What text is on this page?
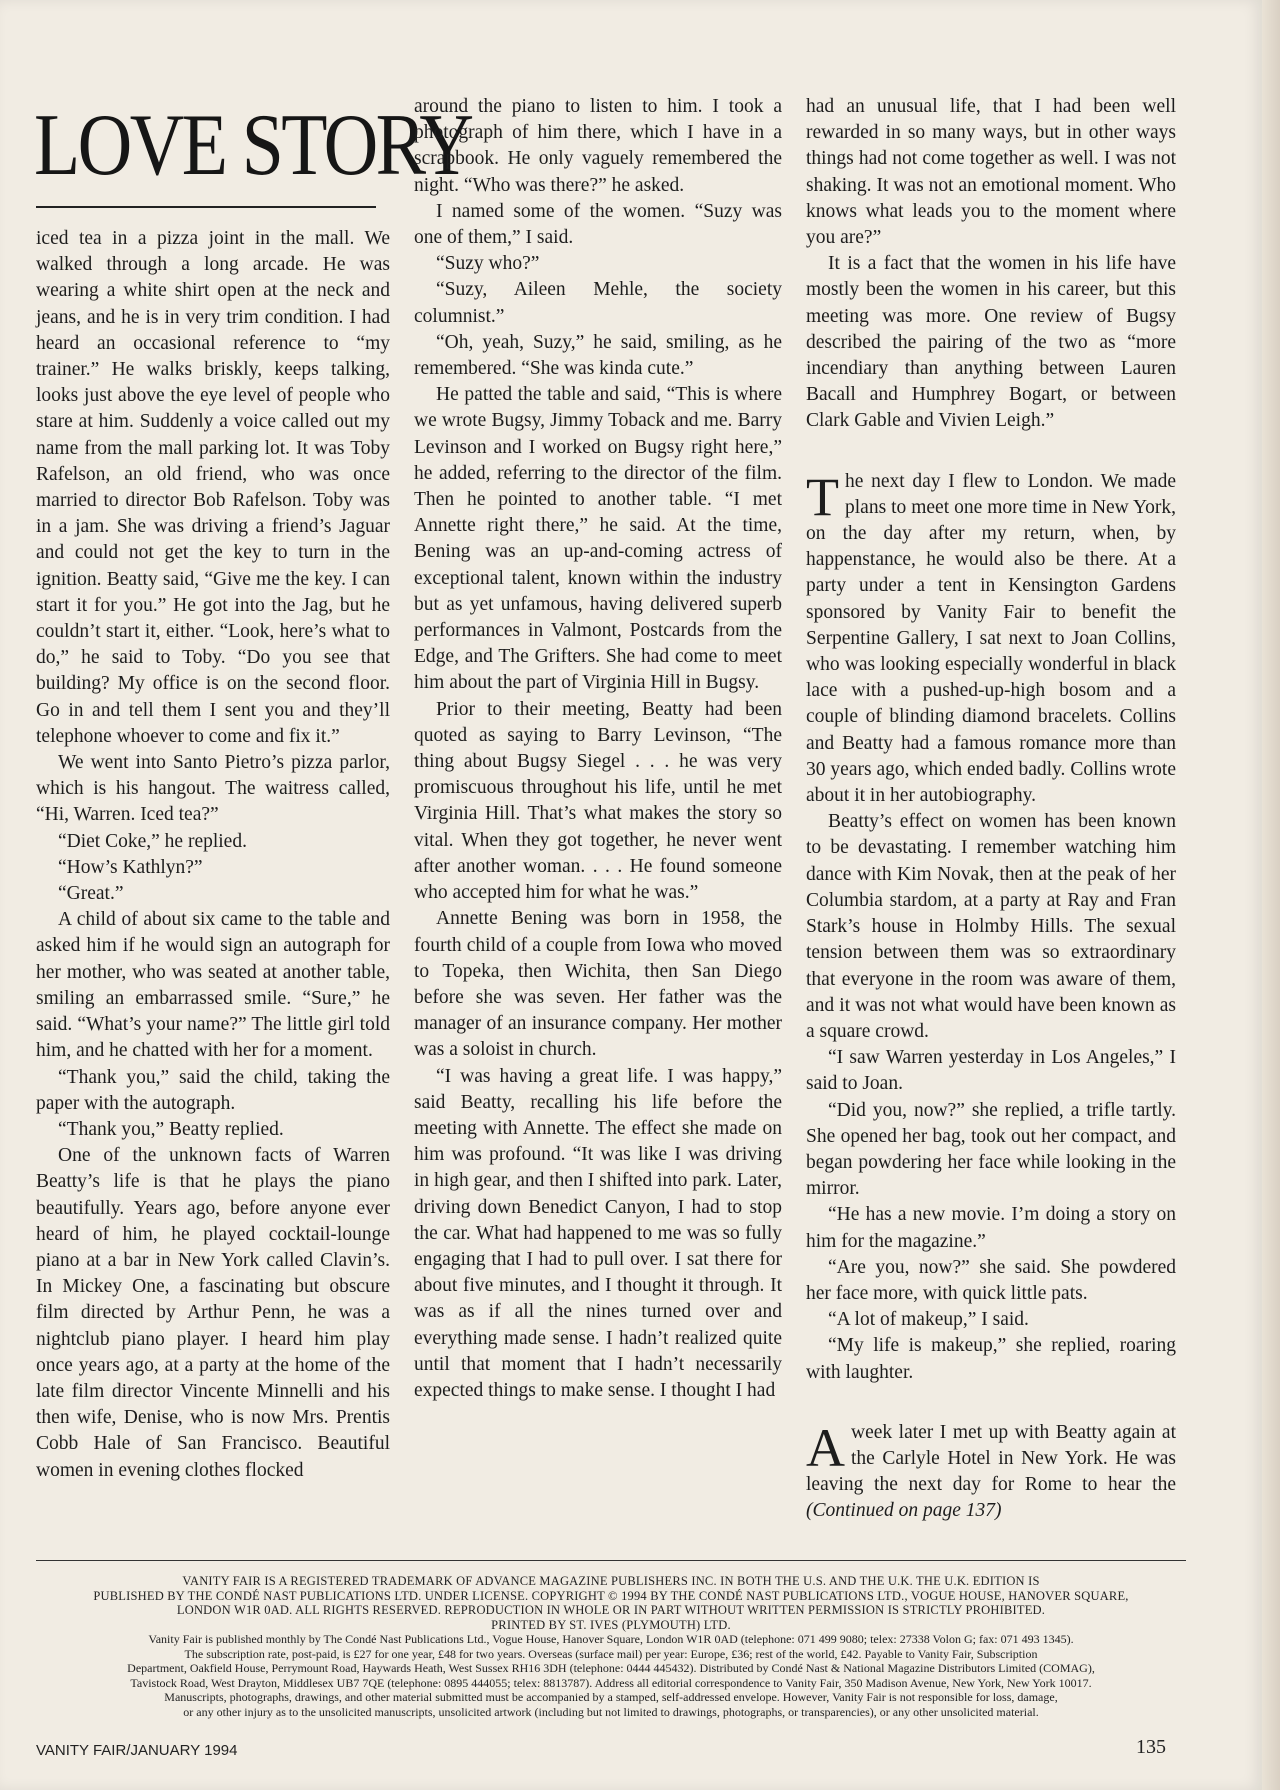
LOVE STORY

iced tea in a pizza joint in the mall. We walked through a long arcade. He was wearing a white shirt open at the neck and jeans, and he is in very trim condition. I had heard an occasional reference to “my trainer.” He walks briskly, keeps talking, looks just above the eye level of people who stare at him. Suddenly a voice called out my name from the mall parking lot. It was Toby Rafelson, an old friend, who was once married to director Bob Rafelson. Toby was in a jam. She was driving a friend’s Jaguar and could not get the key to turn in the ignition. Beatty said, “Give me the key. I can start it for you.” He got into the Jag, but he couldn’t start it, either. “Look, here’s what to do,” he said to Toby. “Do you see that building? My office is on the second floor. Go in and tell them I sent you and they’ll telephone whoever to come and fix it.”

We went into Santo Pietro’s pizza parlor, which is his hangout. The waitress called, “Hi, Warren. Iced tea?”

“Diet Coke,” he replied.

“How’s Kathlyn?”

“Great.”

A child of about six came to the table and asked him if he would sign an autograph for her mother, who was seated at another table, smiling an embarrassed smile. “Sure,” he said. “What’s your name?” The little girl told him, and he chatted with her for a moment.

“Thank you,” said the child, taking the paper with the autograph.

“Thank you,” Beatty replied.

One of the unknown facts of Warren Beatty’s life is that he plays the piano beautifully. Years ago, before anyone ever heard of him, he played cocktail-lounge piano at a bar in New York called Clavin’s. In Mickey One, a fascinating but obscure film directed by Arthur Penn, he was a nightclub piano player. I heard him play once years ago, at a party at the home of the late film director Vincente Minnelli and his then wife, Denise, who is now Mrs. Prentis Cobb Hale of San Francisco. Beautiful women in evening clothes flocked

around the piano to listen to him. I took a photograph of him there, which I have in a scrapbook. He only vaguely remembered the night. “Who was there?” he asked.

I named some of the women. “Suzy was one of them,” I said.

“Suzy who?”

“Suzy, Aileen Mehle, the society columnist.”

“Oh, yeah, Suzy,” he said, smiling, as he remembered. “She was kinda cute.”

He patted the table and said, “This is where we wrote Bugsy, Jimmy Toback and me. Barry Levinson and I worked on Bugsy right here,” he added, referring to the director of the film. Then he pointed to another table. “I met Annette right there,” he said. At the time, Bening was an up-and-coming actress of exceptional talent, known within the industry but as yet unfamous, having delivered superb performances in Valmont, Postcards from the Edge, and The Grifters. She had come to meet him about the part of Virginia Hill in Bugsy.

Prior to their meeting, Beatty had been quoted as saying to Barry Levinson, “The thing about Bugsy Siegel . . . he was very promiscuous throughout his life, until he met Virginia Hill. That’s what makes the story so vital. When they got together, he never went after another woman. . . . He found someone who accepted him for what he was.”

Annette Bening was born in 1958, the fourth child of a couple from Iowa who moved to Topeka, then Wichita, then San Diego before she was seven. Her father was the manager of an insurance company. Her mother was a soloist in church.

“I was having a great life. I was happy,” said Beatty, recalling his life before the meeting with Annette. The effect she made on him was profound. “It was like I was driving in high gear, and then I shifted into park. Later, driving down Benedict Canyon, I had to stop the car. What had happened to me was so fully engaging that I had to pull over. I sat there for about five minutes, and I thought it through. It was as if all the nines turned over and everything made sense. I hadn’t realized quite until that moment that I hadn’t necessarily expected things to make sense. I thought I had

had an unusual life, that I had been well rewarded in so many ways, but in other ways things had not come together as well. I was not shaking. It was not an emotional moment. Who knows what leads you to the moment where you are?”

It is a fact that the women in his life have mostly been the women in his career, but this meeting was more. One review of Bugsy described the pairing of the two as “more incendiary than anything between Lauren Bacall and Humphrey Bogart, or between Clark Gable and Vivien Leigh.”

The next day I flew to London. We made plans to meet one more time in New York, on the day after my return, when, by happenstance, he would also be there. At a party under a tent in Kensington Gardens sponsored by Vanity Fair to benefit the Serpentine Gallery, I sat next to Joan Collins, who was looking especially wonderful in black lace with a pushed-up-high bosom and a couple of blinding diamond bracelets. Collins and Beatty had a famous romance more than 30 years ago, which ended badly. Collins wrote about it in her autobiography.

Beatty’s effect on women has been known to be devastating. I remember watching him dance with Kim Novak, then at the peak of her Columbia stardom, at a party at Ray and Fran Stark’s house in Holmby Hills. The sexual tension between them was so extraordinary that everyone in the room was aware of them, and it was not what would have been known as a square crowd.

“I saw Warren yesterday in Los Angeles,” I said to Joan.

“Did you, now?” she replied, a trifle tartly. She opened her bag, took out her compact, and began powdering her face while looking in the mirror.

“He has a new movie. I’m doing a story on him for the magazine.”

“Are you, now?” she said. She powdered her face more, with quick little pats.

“A lot of makeup,” I said.

“My life is makeup,” she replied, roaring with laughter.

Aweek later I met up with Beatty again at the Carlyle Hotel in New York. He was leaving the next day for Rome to hear the (Continued on page 137)

VANITY FAIR IS A REGISTERED TRADEMARK OF ADVANCE MAGAZINE PUBLISHERS INC. IN BOTH THE U.S. AND THE U.K. THE U.K. EDITION IS

PUBLISHED BY THE CONDÉ NAST PUBLICATIONS LTD. UNDER LICENSE. COPYRIGHT © 1994 BY THE CONDÉ NAST PUBLICATIONS LTD., VOGUE HOUSE, HANOVER SQUARE,

LONDON W1R 0AD. ALL RIGHTS RESERVED. REPRODUCTION IN WHOLE OR IN PART WITHOUT WRITTEN PERMISSION IS STRICTLY PROHIBITED.

PRINTED BY ST. IVES (PLYMOUTH) LTD.

Vanity Fair is published monthly by The Condé Nast Publications Ltd., Vogue House, Hanover Square, London W1R 0AD (telephone: 071 499 9080; telex: 27338 Volon G; fax: 071 493 1345).

The subscription rate, post-paid, is £27 for one year, £48 for two years. Overseas (surface mail) per year: Europe, £36; rest of the world, £42. Payable to Vanity Fair, Subscription

Department, Oakfield House, Perrymount Road, Haywards Heath, West Sussex RH16 3DH (telephone: 0444 445432). Distributed by Condé Nast & National Magazine Distributors Limited (COMAG),

Tavistock Road, West Drayton, Middlesex UB7 7QE (telephone: 0895 444055; telex: 8813787). Address all editorial correspondence to Vanity Fair, 350 Madison Avenue, New York, New York 10017.

Manuscripts, photographs, drawings, and other material submitted must be accompanied by a stamped, self-addressed envelope. However, Vanity Fair is not responsible for loss, damage,

or any other injury as to the unsolicited manuscripts, unsolicited artwork (including but not limited to drawings, photographs, or transparencies), or any other unsolicited material.

VANITY FAIR/JANUARY 1994	135
